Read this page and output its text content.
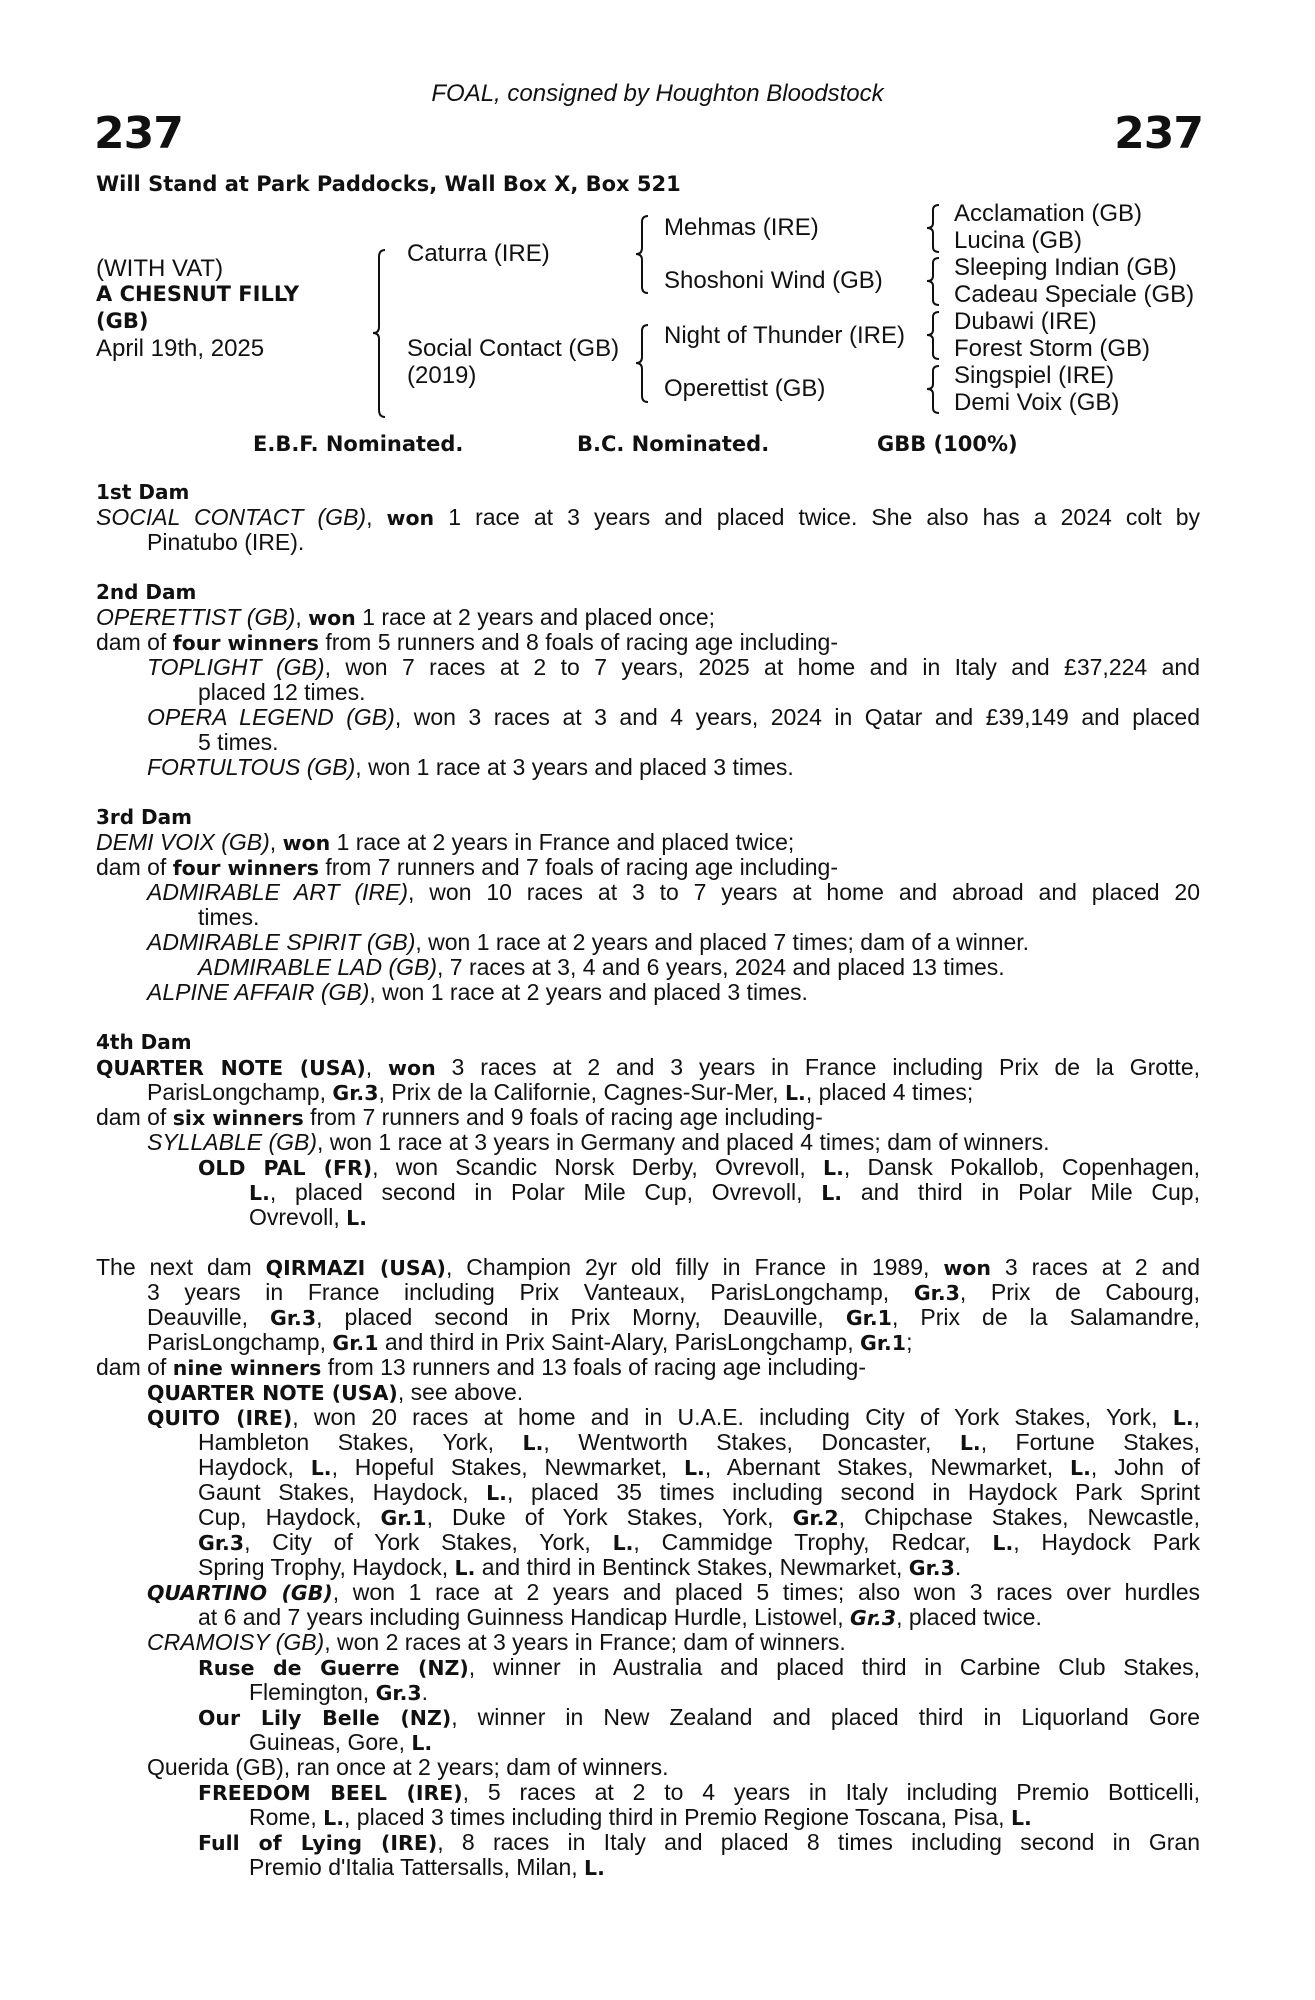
FOAL, consigned by Houghton Bloodstock
237	237
Will Stand at Park Paddocks, Wall Box X, Box 521
(WITH VAT)
A CHESNUT FILLY
(GB)
April 19th, 2025
Caturra (IRE)
Social Contact (GB)
(2019)
Mehmas (IRE)
Shoshoni Wind (GB)
Night of Thunder (IRE)
Operettist (GB)
Acclamation (GB)
Lucina (GB)
Sleeping Indian (GB)
Cadeau Speciale (GB)
Dubawi (IRE)
Forest Storm (GB)
Singspiel (IRE)
Demi Voix (GB)
E.B.F. Nominated.	B.C. Nominated.	GBB (100%)
1st Dam
SOCIAL CONTACT (GB), won 1 race at 3 years and placed twice. She also has a 2024 colt by
Pinatubo (IRE).
2nd Dam
OPERETTIST (GB), won 1 race at 2 years and placed once;
dam of four winners from 5 runners and 8 foals of racing age including-
TOPLIGHT (GB), won 7 races at 2 to 7 years, 2025 at home and in Italy and £37,224 and
placed 12 times.
OPERA LEGEND (GB), won 3 races at 3 and 4 years, 2024 in Qatar and £39,149 and placed
5 times.
FORTULTOUS (GB), won 1 race at 3 years and placed 3 times.
3rd Dam
DEMI VOIX (GB), won 1 race at 2 years in France and placed twice;
dam of four winners from 7 runners and 7 foals of racing age including-
ADMIRABLE ART (IRE), won 10 races at 3 to 7 years at home and abroad and placed 20
times.
ADMIRABLE SPIRIT (GB), won 1 race at 2 years and placed 7 times; dam of a winner.
ADMIRABLE LAD (GB), 7 races at 3, 4 and 6 years, 2024 and placed 13 times.
ALPINE AFFAIR (GB), won 1 race at 2 years and placed 3 times.
4th Dam
QUARTER NOTE (USA), won 3 races at 2 and 3 years in France including Prix de la Grotte,
ParisLongchamp, Gr.3, Prix de la Californie, Cagnes-Sur-Mer, L., placed 4 times;
dam of six winners from 7 runners and 9 foals of racing age including-
SYLLABLE (GB), won 1 race at 3 years in Germany and placed 4 times; dam of winners.
OLD PAL (FR), won Scandic Norsk Derby, Ovrevoll, L., Dansk Pokallob, Copenhagen,
L., placed second in Polar Mile Cup, Ovrevoll, L. and third in Polar Mile Cup,
Ovrevoll, L.
The next dam QIRMAZI (USA), Champion 2yr old filly in France in 1989, won 3 races at 2 and
3 years in France including Prix Vanteaux, ParisLongchamp, Gr.3, Prix de Cabourg,
Deauville, Gr.3, placed second in Prix Morny, Deauville, Gr.1, Prix de la Salamandre,
ParisLongchamp, Gr.1 and third in Prix Saint-Alary, ParisLongchamp, Gr.1;
dam of nine winners from 13 runners and 13 foals of racing age including-
QUARTER NOTE (USA), see above.
QUITO (IRE), won 20 races at home and in U.A.E. including City of York Stakes, York, L.,
Hambleton Stakes, York, L., Wentworth Stakes, Doncaster, L., Fortune Stakes,
Haydock, L., Hopeful Stakes, Newmarket, L., Abernant Stakes, Newmarket, L., John of
Gaunt Stakes, Haydock, L., placed 35 times including second in Haydock Park Sprint
Cup, Haydock, Gr.1, Duke of York Stakes, York, Gr.2, Chipchase Stakes, Newcastle,
Gr.3, City of York Stakes, York, L., Cammidge Trophy, Redcar, L., Haydock Park
Spring Trophy, Haydock, L. and third in Bentinck Stakes, Newmarket, Gr.3.
QUARTINO (GB), won 1 race at 2 years and placed 5 times; also won 3 races over hurdles
at 6 and 7 years including Guinness Handicap Hurdle, Listowel, Gr.3, placed twice.
CRAMOISY (GB), won 2 races at 3 years in France; dam of winners.
Ruse de Guerre (NZ), winner in Australia and placed third in Carbine Club Stakes,
Flemington, Gr.3.
Our Lily Belle (NZ), winner in New Zealand and placed third in Liquorland Gore
Guineas, Gore, L.
Querida (GB), ran once at 2 years; dam of winners.
FREEDOM BEEL (IRE), 5 races at 2 to 4 years in Italy including Premio Botticelli,
Rome, L., placed 3 times including third in Premio Regione Toscana, Pisa, L.
Full of Lying (IRE), 8 races in Italy and placed 8 times including second in Gran
Premio d'Italia Tattersalls, Milan, L.
